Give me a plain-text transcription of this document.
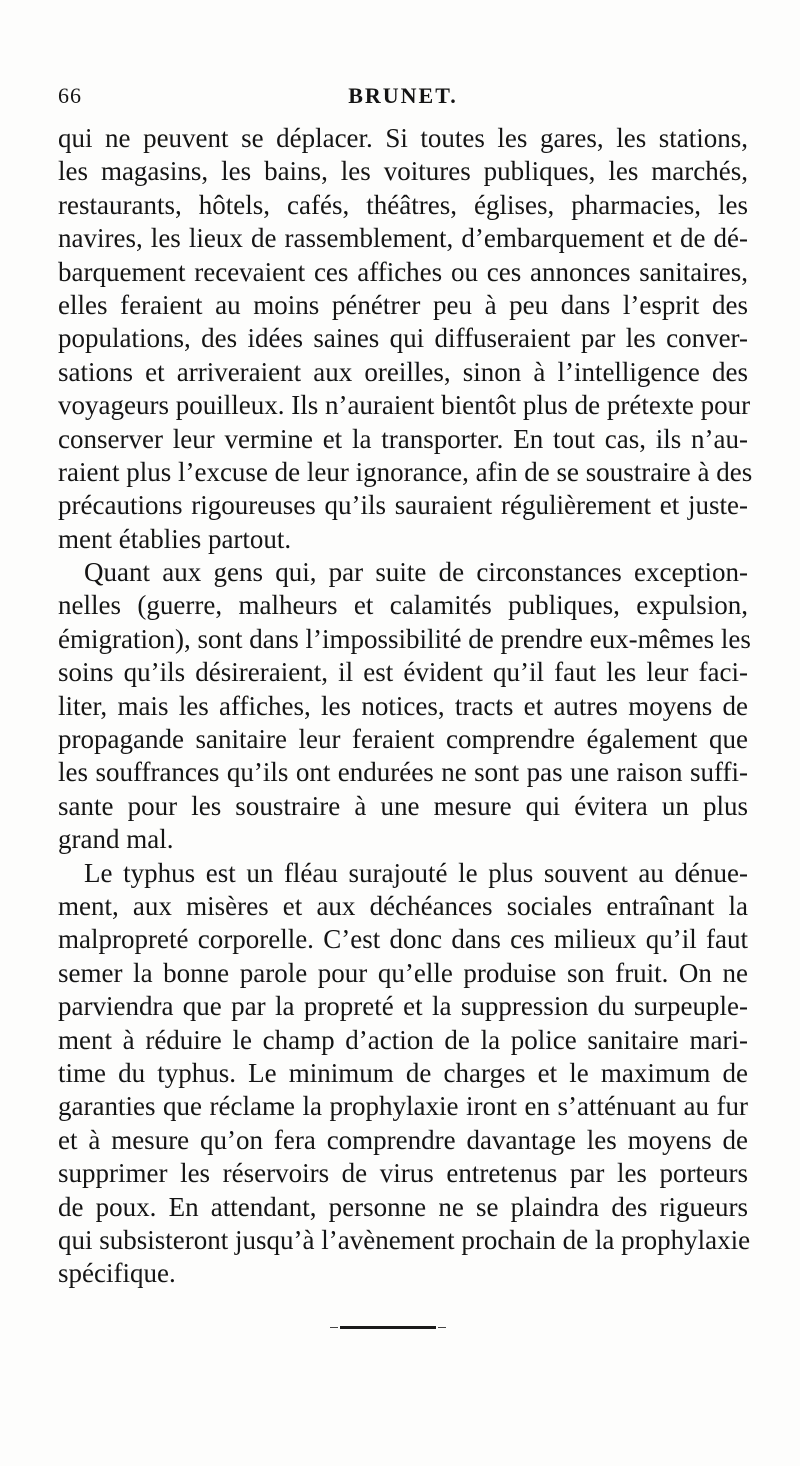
66	BRUNET.
qui ne peuvent se déplacer. Si toutes les gares, les stations,
les magasins, les bains, les voitures publiques, les marchés,
restaurants, hôtels, cafés, théâtres, églises, pharmacies, les
navires, les lieux de rassemblement, d’embarquement et de dé-
barquement recevaient ces affiches ou ces annonces sanitaires,
elles feraient au moins pénétrer peu à peu dans l’esprit des
populations, des idées saines qui diffuseraient par les conver-
sations et arriveraient aux oreilles, sinon à l’intelligence des
voyageurs pouilleux. Ils n’auraient bientôt plus de prétexte pour
conserver leur vermine et la transporter. En tout cas, ils n’au-
raient plus l’excuse de leur ignorance, afin de se soustraire à des
précautions rigoureuses qu’ils sauraient régulièrement et juste-
ment établies partout.
Quant aux gens qui, par suite de circonstances exception-
nelles (guerre, malheurs et calamités publiques, expulsion,
émigration), sont dans l’impossibilité de prendre eux-mêmes les
soins qu’ils désireraient, il est évident qu’il faut les leur faci-
liter, mais les affiches, les notices, tracts et autres moyens de
propagande sanitaire leur feraient comprendre également que
les souffrances qu’ils ont endurées ne sont pas une raison suffi-
sante pour les soustraire à une mesure qui évitera un plus
grand mal.
Le typhus est un fléau surajouté le plus souvent au dénue-
ment, aux misères et aux déchéances sociales entraînant la
malpropreté corporelle. C’est donc dans ces milieux qu’il faut
semer la bonne parole pour qu’elle produise son fruit. On ne
parviendra que par la propreté et la suppression du surpeuple-
ment à réduire le champ d’action de la police sanitaire mari-
time du typhus. Le minimum de charges et le maximum de
garanties que réclame la prophylaxie iront en s’atténuant au fur
et à mesure qu’on fera comprendre davantage les moyens de
supprimer les réservoirs de virus entretenus par les porteurs
de poux. En attendant, personne ne se plaindra des rigueurs
qui subsisteront jusqu’à l’avènement prochain de la prophylaxie
spécifique.
